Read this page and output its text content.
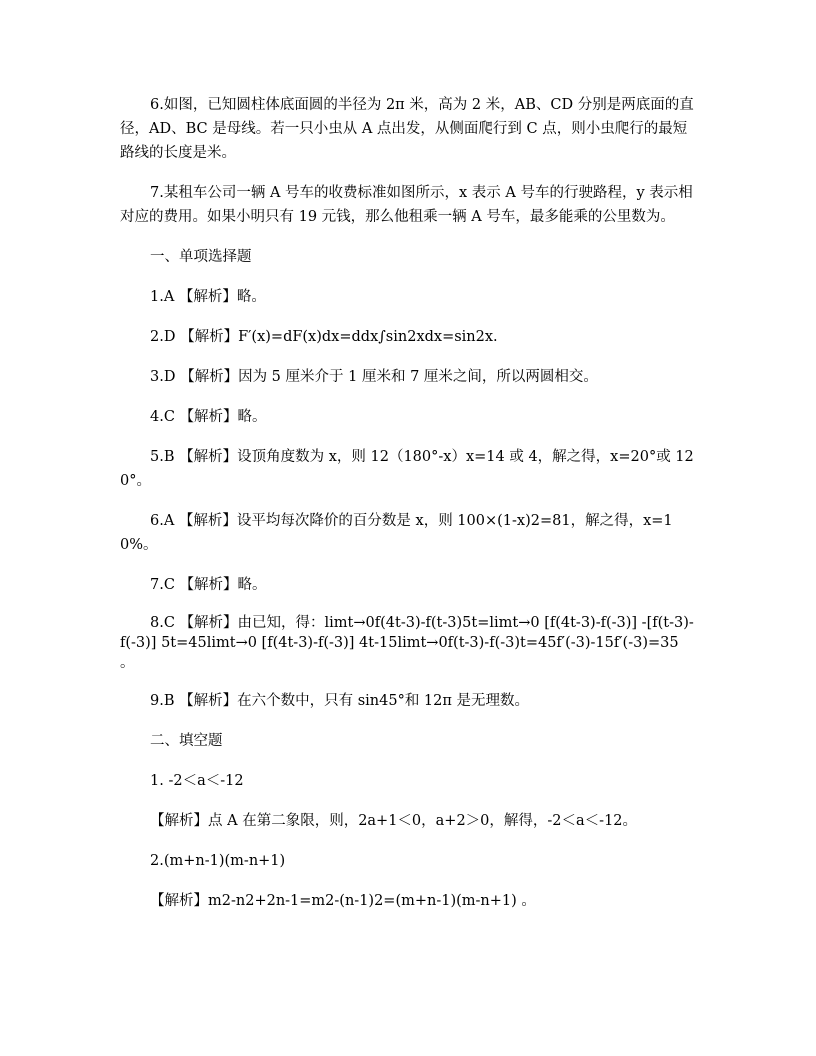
6.如图，已知圆柱体底面圆的半径为 2π 米，高为 2 米，AB、CD 分别是两底面的直径，AD、BC 是母线。若一只小虫从 A 点出发，从侧面爬行到 C 点，则小虫爬行的最短路线的长度是米。

7.某租车公司一辆 A 号车的收费标准如图所示，x 表示 A 号车的行驶路程，y 表示相对应的费用。如果小明只有 19 元钱，那么他租乘一辆 A 号车，最多能乘的公里数为。

一、单项选择题

1.A 【解析】略。

2.D 【解析】F′(x)=dF(x)dx=ddx∫sin2xdx=sin2x.

3.D 【解析】因为 5 厘米介于 1 厘米和 7 厘米之间，所以两圆相交。

4.C 【解析】略。

5.B 【解析】设顶角度数为 x，则 12（180°-x）x=14 或 4，解之得，x=20°或 120°。

6.A 【解析】设平均每次降价的百分数是 x，则 100×(1-x)2=81，解之得，x=10%。

7.C 【解析】略。

8.C 【解析】由已知，得：limt→0f(4t-3)-f(t-3)5t=limt→0 [f(4t-3)-f(-3)] -[f(t-3)-f(-3)] 5t=45limt→0 [f(4t-3)-f(-3)] 4t-15limt→0f(t-3)-f(-3)t=45f′(-3)-15f′(-3)=35 。

9.B 【解析】在六个数中，只有 sin45°和 12π 是无理数。

二、填空题

1. -2＜a＜-12

【解析】点 A 在第二象限，则，2a+1＜0，a+2＞0，解得，-2＜a＜-12。

2.(m+n-1)(m-n+1)

【解析】m2-n2+2n-1=m2-(n-1)2=(m+n-1)(m-n+1) 。
